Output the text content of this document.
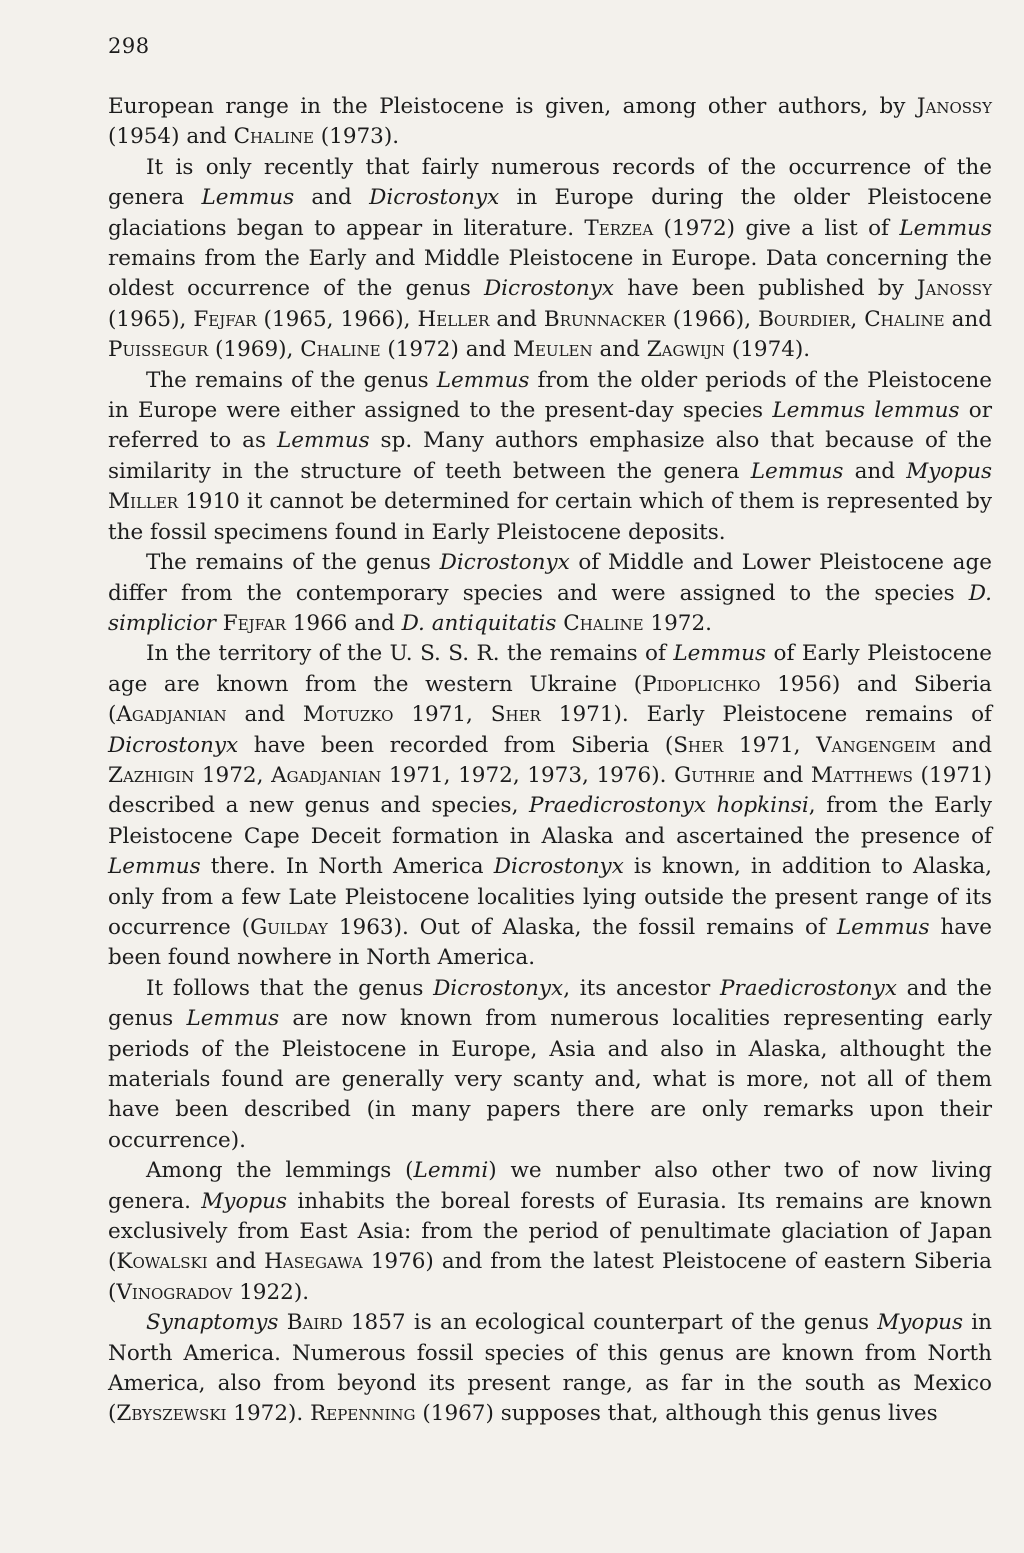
298

European range in the Pleistocene is given, among other authors, by Janossy (1954) and Chaline (1973).

It is only recently that fairly numerous records of the occurrence of the genera Lemmus and Dicrostonyx in Europe during the older Pleistocene glaciations began to appear in literature. Terzea (1972) give a list of Lemmus remains from the Early and Middle Pleistocene in Europe. Data concerning the oldest occurrence of the genus Dicrostonyx have been published by Janossy (1965), Fejfar (1965, 1966), Heller and Brunnacker (1966), Bourdier, Chaline and Puissegur (1969), Chaline (1972) and Meulen and Zagwijn (1974).

The remains of the genus Lemmus from the older periods of the Pleistocene in Europe were either assigned to the present-day species Lemmus lemmus or referred to as Lemmus sp. Many authors emphasize also that because of the similarity in the structure of teeth between the genera Lemmus and Myopus Miller 1910 it cannot be determined for certain which of them is represented by the fossil specimens found in Early Pleistocene deposits.

The remains of the genus Dicrostonyx of Middle and Lower Pleistocene age differ from the contemporary species and were assigned to the species D. simplicior Fejfar 1966 and D. antiquitatis Chaline 1972.

In the territory of the U. S. S. R. the remains of Lemmus of Early Pleistocene age are known from the western Ukraine (Pidoplichko 1956) and Siberia (Agadjanian and Motuzko 1971, Sher 1971). Early Pleistocene remains of Dicrostonyx have been recorded from Siberia (Sher 1971, Vangengeim and Zazhigin 1972, Agadjanian 1971, 1972, 1973, 1976). Guthrie and Matthews (1971) described a new genus and species, Praedicrostonyx hopkinsi, from the Early Pleistocene Cape Deceit formation in Alaska and ascertained the presence of Lemmus there. In North America Dicrostonyx is known, in addition to Alaska, only from a few Late Pleistocene localities lying outside the present range of its occurrence (Guilday 1963). Out of Alaska, the fossil remains of Lemmus have been found nowhere in North America.

It follows that the genus Dicrostonyx, its ancestor Praedicrostonyx and the genus Lemmus are now known from numerous localities representing early periods of the Pleistocene in Europe, Asia and also in Alaska, althought the materials found are generally very scanty and, what is more, not all of them have been described (in many papers there are only remarks upon their occurrence).

Among the lemmings (Lemmi) we number also other two of now living genera. Myopus inhabits the boreal forests of Eurasia. Its remains are known exclusively from East Asia: from the period of penultimate glaciation of Japan (Kowalski and Hasegawa 1976) and from the latest Pleistocene of eastern Siberia (Vinogradov 1922).

Synaptomys Baird 1857 is an ecological counterpart of the genus Myopus in North America. Numerous fossil species of this genus are known from North America, also from beyond its present range, as far in the south as Mexico (Zbyszewski 1972). Repenning (1967) supposes that, although this genus lives
